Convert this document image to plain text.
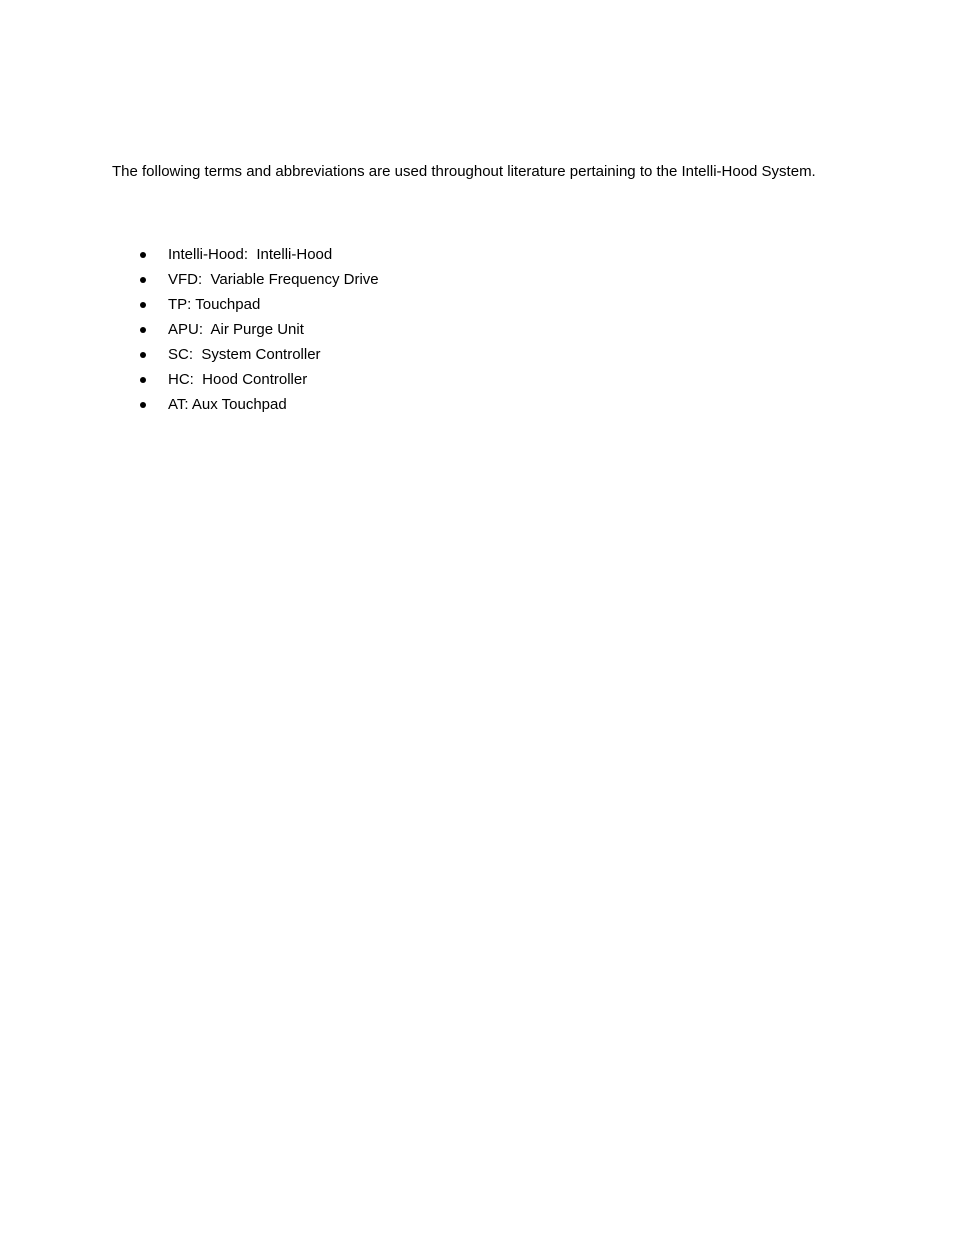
The following terms and abbreviations are used throughout literature pertaining to the Intelli-Hood System.

Intelli-Hood:  Intelli-Hood

VFD:  Variable Frequency Drive

TP: Touchpad

APU:  Air Purge Unit

SC:  System Controller

HC:  Hood Controller

AT: Aux Touchpad
